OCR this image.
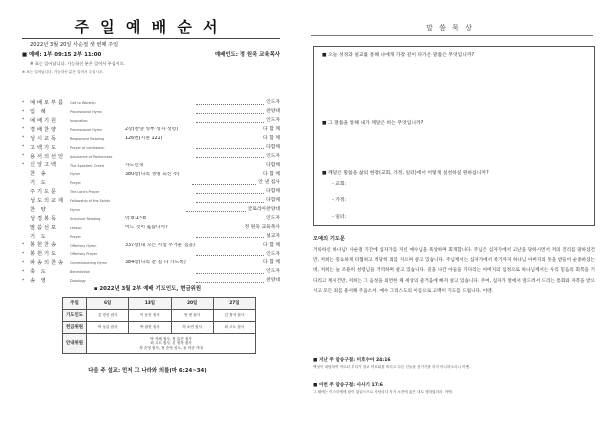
주 일 예 배 순 서
2022년 3월 20일 사순절 셋 번째 주일
■ 예배: 1부 09:15 2부 11:00	예배인도: 정 원욱 교육목사
※ 표는 일어납니다. 가능하신 분은 일어서 주십시오.
※ 표는 일어납니다. 가능하신 분은 일어서 주십시오.
*	예배로부름	Call to Worship	인도자
*	입 례	Processional Hymn	찬양대
*	예배기원	Invocation	인도자
*	경배찬양	Processional Hymn	2장(찬양 성부 성자 성령)	다 함 께
*	성시교독	Responsive Reading	126번(시편 121)	다 함 께
*	고백기도	Prayer of confession	다함께
*	용서의선언	Assurance of Pardonness	인도자
*	신앙고백	The Apostles' Creed	사도신경	다함께
찬 송	Hymn	380장(나의 생명 되신 주)	다 함 께
기 도	Prayer	안 낸 집사
주기도문	The Lord's Prayer	다함께
성도의교제	Fellowship of the Saints	다함께
찬 양	Hymn	글로리아찬양대
성경봉독	Scripture Reading	막 8:1~8	인도자
말씀선포	Lesson	어느 것이 옳습니까?	정 원욱 교육목사
기 도	Prayer	설교자
*	봉헌찬송	Offertory Hymn	337장(내 모든 시험 무거운 짐을)	다 함 께
*	봉헌기도	Offertory Prayer	인도자
*	파송의찬송	Commissioning Hymn	384장(나의 갈 길 다 가도록)	다 함 께
*	축 도	Benediction	인도자
*	송 영	Doxology	찬양대
▪ 2022년 3월 2부 예배 기도인도, 현금위원
주일	6일	13일	20일	27일
기도인도	김 경선 집사	이 동진 집사	안 낸 집사	김 정자 집사
헌금위원	박 상갑 집사	박 광현 집사	허 소연 집사	최 고도 집사
안내위원	박 지혜 집사, 정 효진 집사
최 고도 집사, 김 정자 집사
정 순영 집사, 정 순영 성도, 윤 하준 가대			
다음 주 설교: 먼저 그 나라와 의를(마 6:24~34)
말 씀 묵 상
■ 오늘 성경과 설교를 통해 나에게 가장 깊이 다가온 말씀은 무엇입니까?
■ 그 말씀을 통해 내가 깨달은 바는 무엇입니까?
■ 깨달은 말씀을 삶의 현장(교회, 가정, 일터)에서 어떻게 실천하실 원하십니까?
- 교회:
- 가정:
- 일터:
오예의 기도문
거룩하신 하나님! 사순절 기간에 십자가를 지신 예수님을 묵상하며 회개합니다. 주님은 십자가에서 고난을 당하시면서 저의 진리를 말하셨건만, 저희는 풍요하게 타협하고 적당히 죄를 지으며 살고 있습니다. 주님께서는 십자가에서 죽기까지 하나님 아버지의 뜻을 받들어 순종하셨는데, 저희는 늘 조용히 성령님을 거역하며 살고 있습니다. 길을 나간 아들을 기다리는 아버지의 심정으로 하나님께서는 우리 믿음의 회복을 기다리고 계시건만, 저희는 그 음성을 외면한 채 세상의 즐거움에 빠져 살고 있습니다. 주여, 십자가 앞에서 엎드려서 드리는 통회와 자복을 받으시고 모든 죄를 용서해 주옵소서. 예수 그리스도의 이름으로 고백이 기도를 드립니다. 아멘.
■ 지난 주 암송구절: 미호수아 24:16
백성이 대답하여 이르되 우리가 결코 여호와를 버리고 다른 신들을 섬기기를 하지 아니하오리니 아멘.
■ 이번 주 암송구절: 사사기 17:6
그 때에는 이스라엘에 왕이 없었으므로 사람마다 자기 소견에 옳은 대로 행하였더라. 아멘.
